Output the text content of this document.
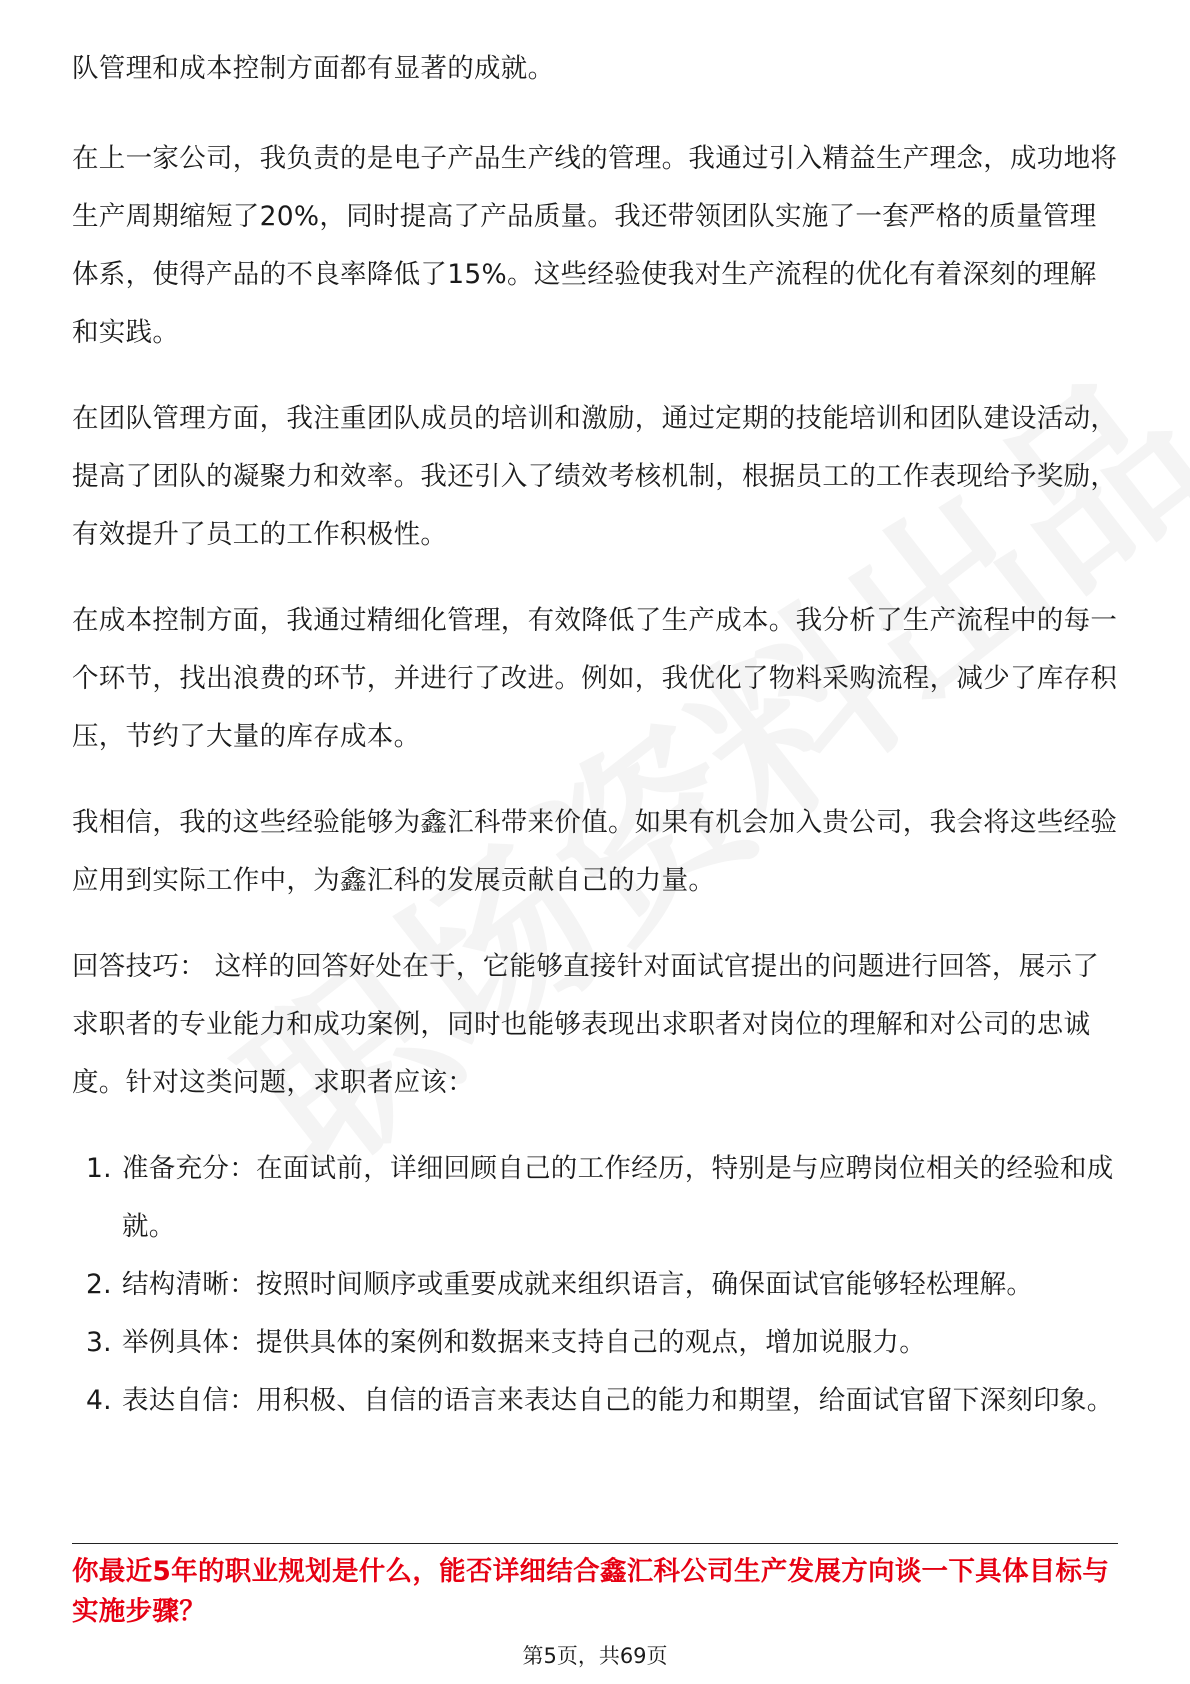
队管理和成本控制方面都有显著的成就。

在上一家公司，我负责的是电子产品生产线的管理。我通过引入精益生产理念，成功地将生产周期缩短了20%，同时提高了产品质量。我还带领团队实施了一套严格的质量管理体系，使得产品的不良率降低了15%。这些经验使我对生产流程的优化有着深刻的理解和实践。

在团队管理方面，我注重团队成员的培训和激励，通过定期的技能培训和团队建设活动，提高了团队的凝聚力和效率。我还引入了绩效考核机制，根据员工的工作表现给予奖励，有效提升了员工的工作积极性。

在成本控制方面，我通过精细化管理，有效降低了生产成本。我分析了生产流程中的每一个环节，找出浪费的环节，并进行了改进。例如，我优化了物料采购流程，减少了库存积压，节约了大量的库存成本。

我相信，我的这些经验能够为鑫汇科带来价值。如果有机会加入贵公司，我会将这些经验应用到实际工作中，为鑫汇科的发展贡献自己的力量。

回答技巧： 这样的回答好处在于，它能够直接针对面试官提出的问题进行回答，展示了求职者的专业能力和成功案例，同时也能够表现出求职者对岗位的理解和对公司的忠诚度。针对这类问题，求职者应该：

1. 准备充分：在面试前，详细回顾自己的工作经历，特别是与应聘岗位相关的经验和成就。
2. 结构清晰：按照时间顺序或重要成就来组织语言，确保面试官能够轻松理解。
3. 举例具体：提供具体的案例和数据来支持自己的观点，增加说服力。
4. 表达自信：用积极、自信的语言来表达自己的能力和期望，给面试官留下深刻印象。
你最近5年的职业规划是什么，能否详细结合鑫汇科公司生产发展方向谈一下具体目标与实施步骤？
第5页，共69页
